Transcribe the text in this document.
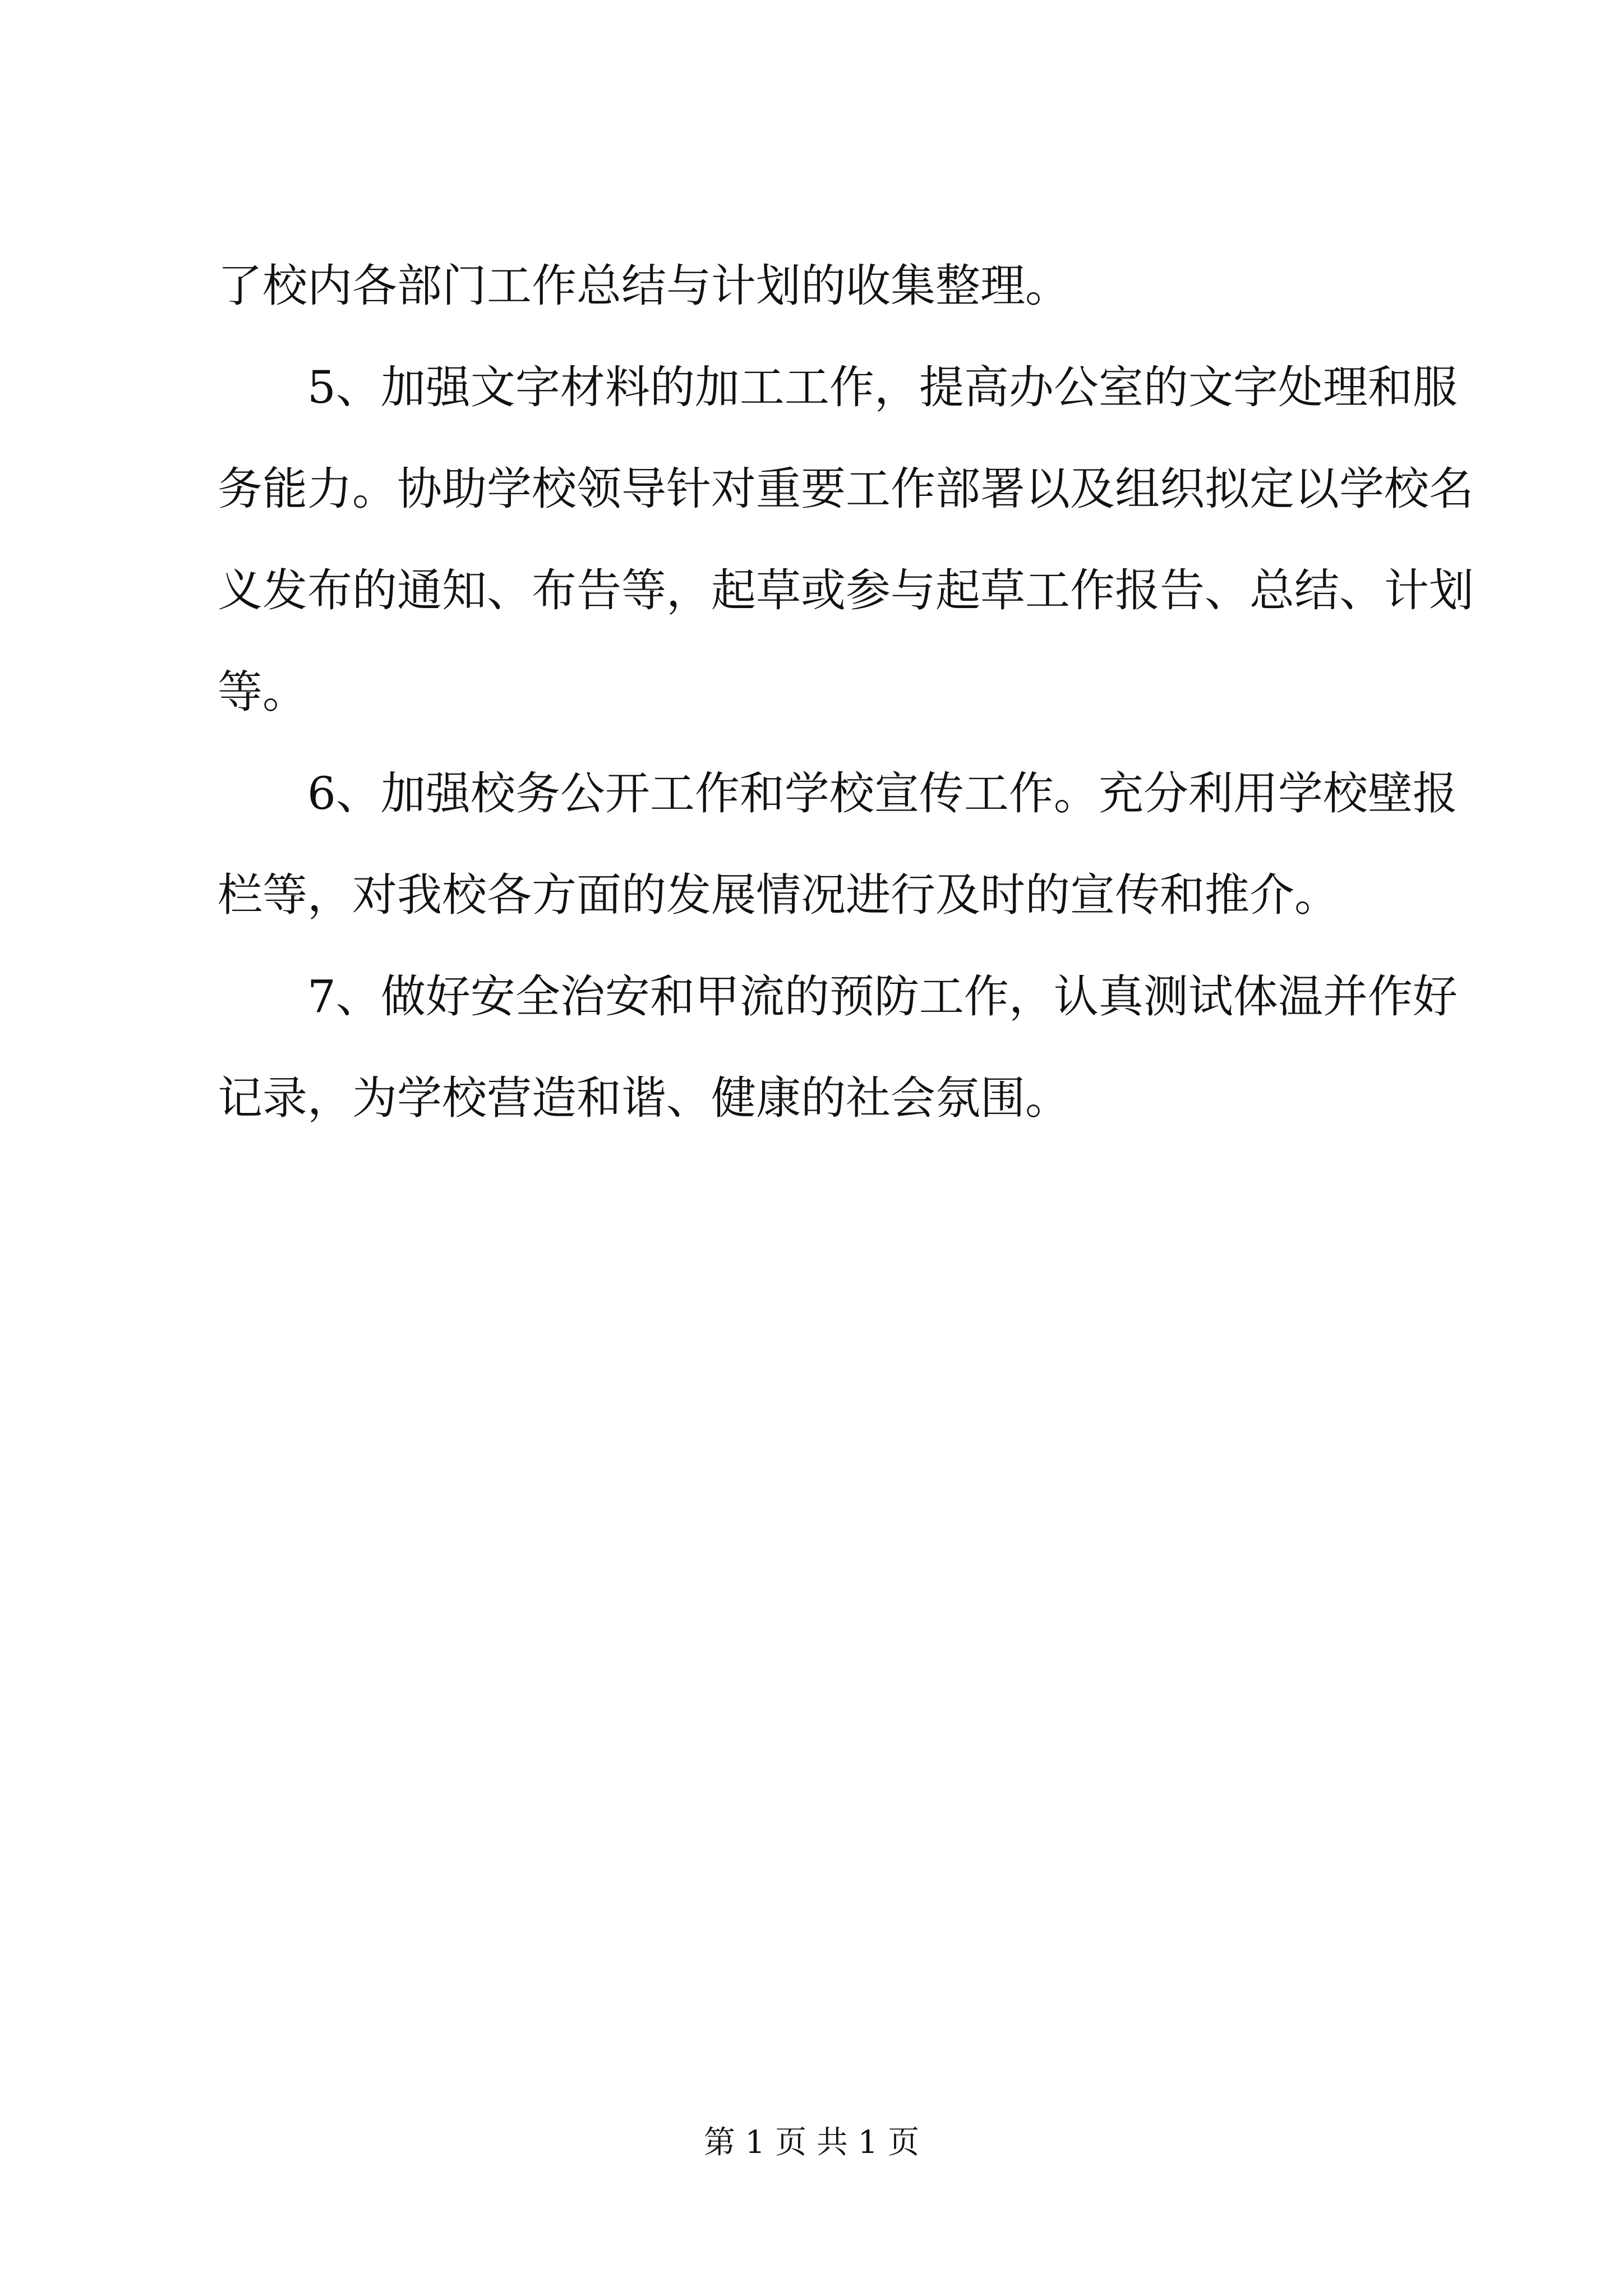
了校内各部门工作总结与计划的收集整理。
5、加强文字材料的加工工作，提高办公室的文字处理和服
务能力。协助学校领导针对重要工作部署以及组织拟定以学校名
义发布的通知、布告等，起草或参与起草工作报告、总结、计划
等。
6、加强校务公开工作和学校宣传工作。充分利用学校壁报
栏等，对我校各方面的发展情况进行及时的宣传和推介。
7、做好安全治安和甲流的预防工作，认真测试体温并作好
记录，为学校营造和谐、健康的社会氛围。
第 1 页 共 1 页
